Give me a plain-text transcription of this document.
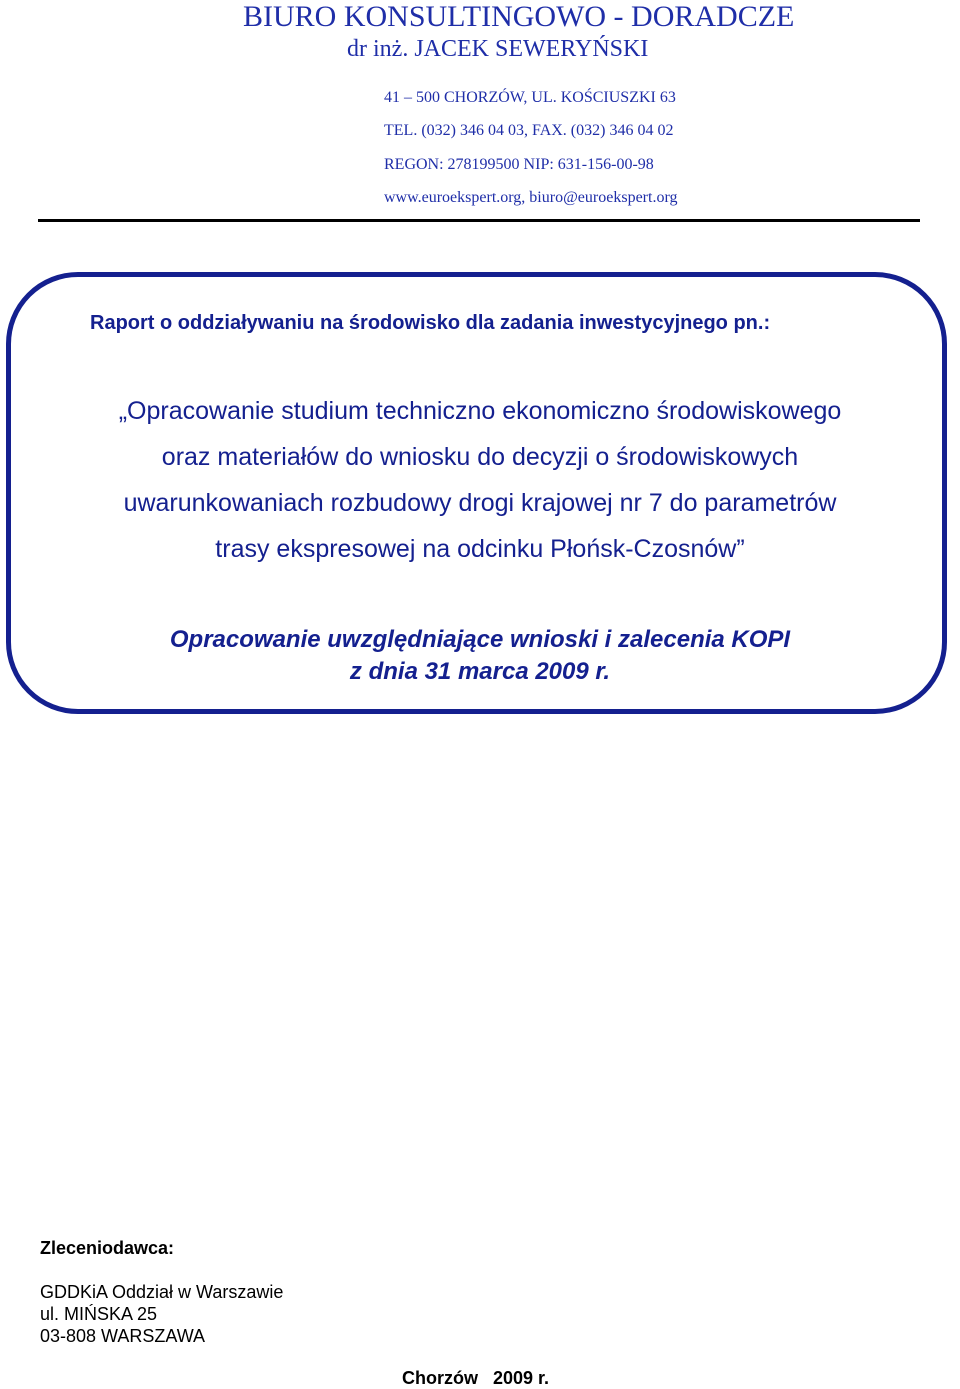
BIURO KONSULTINGOWO - DORADCZE
dr inż. JACEK SEWERYŃSKI
41 – 500 CHORZÓW, UL. KOŚCIUSZKI 63
TEL. (032) 346 04 03, FAX. (032) 346 04 02
REGON: 278199500 NIP: 631-156-00-98
www.euroekspert.org, biuro@euroekspert.org
Raport o oddziaływaniu na środowisko dla zadania inwestycyjnego pn.:
„Opracowanie studium techniczno ekonomiczno środowiskowego
oraz materiałów do wniosku do decyzji o środowiskowych
uwarunkowaniach rozbudowy drogi krajowej nr 7 do parametrów
trasy ekspresowej na odcinku Płońsk-Czosnów”
Opracowanie uwzględniające wnioski i zalecenia KOPI
z dnia 31 marca 2009 r.
Zleceniodawca:
GDDKiA Oddział w Warszawie
ul. MIŃSKA 25
03-808 WARSZAWA
Chorzów   2009 r.
